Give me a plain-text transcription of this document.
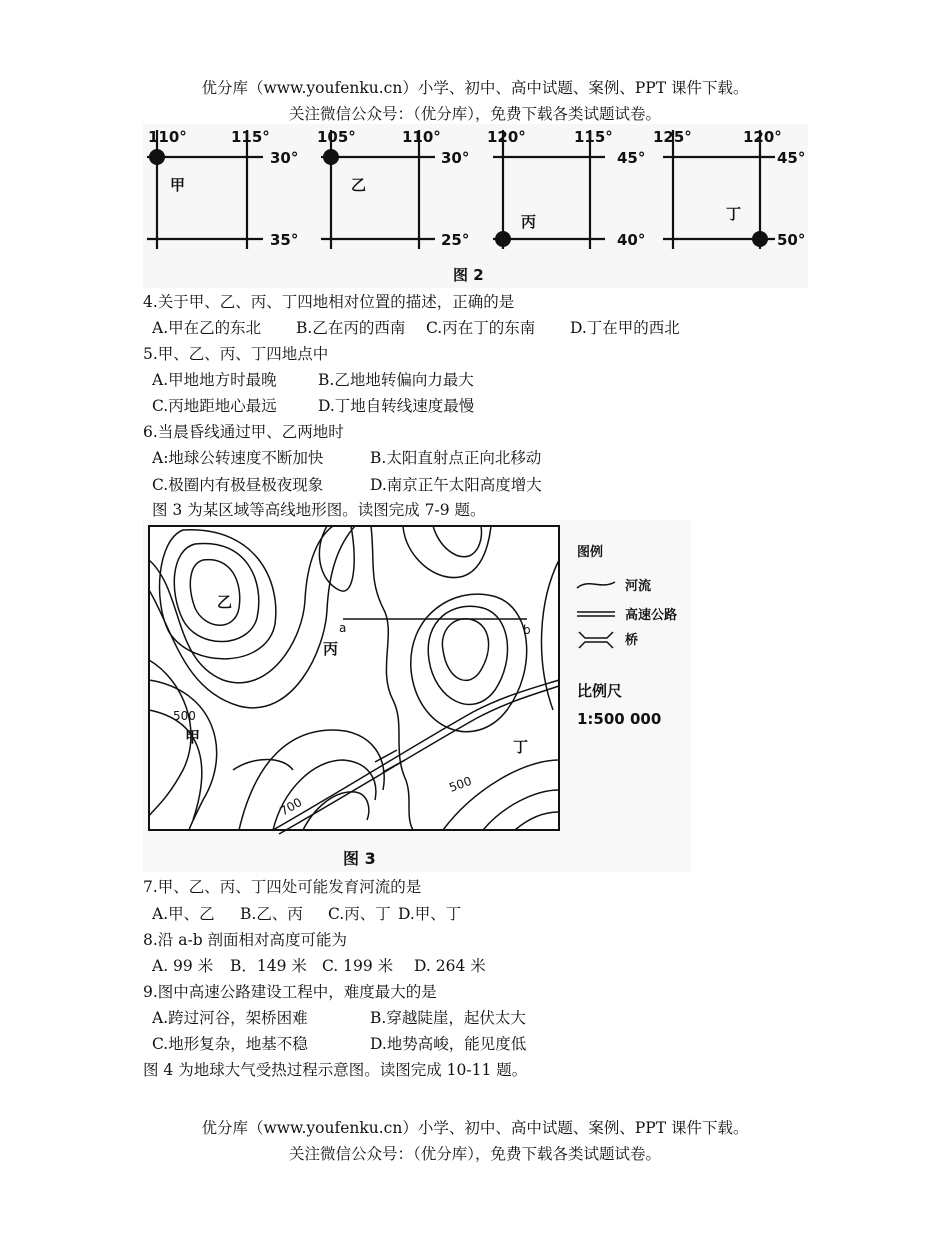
优分库（www.youfenku.cn）小学、初中、高中试题、案例、PPT 课件下载。
关注微信公众号：（优分库），免费下载各类试题试卷。
110°	115°
30°
35°
甲
105°	110°
30°
25°
乙
120°	115°
45°
40°
丙
125°	120°
45°
50°
丁
图 2
4.关于甲、乙、丙、丁四地相对位置的描述，正确的是
A.甲在乙的东北 B.乙在丙的西南 C.丙在丁的东南 D.丁在甲的西北
5.甲、乙、丙、丁四地点中
A.甲地地方时最晚	B.乙地地转偏向力最大
C.丙地距地心最远	D.丁地自转线速度最慢
6.当晨昏线通过甲、乙两地时
A:地球公转速度不断加快	B.太阳直射点正向北移动
C.极圈内有极昼极夜现象	D.南京正午太阳高度增大
图 3 为某区域等高线地形图。读图完成 7-9 题。
乙
丙
甲
丁
a	b
500
700
500
图例
河流
高速公路
桥
比例尺
1:500 000
图 3
7.甲、乙、丙、丁四处可能发育河流的是
A.甲、乙 B.乙、丙 C.丙、丁 D.甲、丁
8.沿 a-b 剖面相对高度可能为
A. 99 米 B．149 米 C. 199 米 D. 264 米
9.图中高速公路建设工程中，难度最大的是
A.跨过河谷，架桥困难	B.穿越陡崖，起伏太大
C.地形复杂，地基不稳	D.地势高峻，能见度低
图 4 为地球大气受热过程示意图。读图完成 10-11 题。
优分库（www.youfenku.cn）小学、初中、高中试题、案例、PPT 课件下载。
关注微信公众号：（优分库），免费下载各类试题试卷。
